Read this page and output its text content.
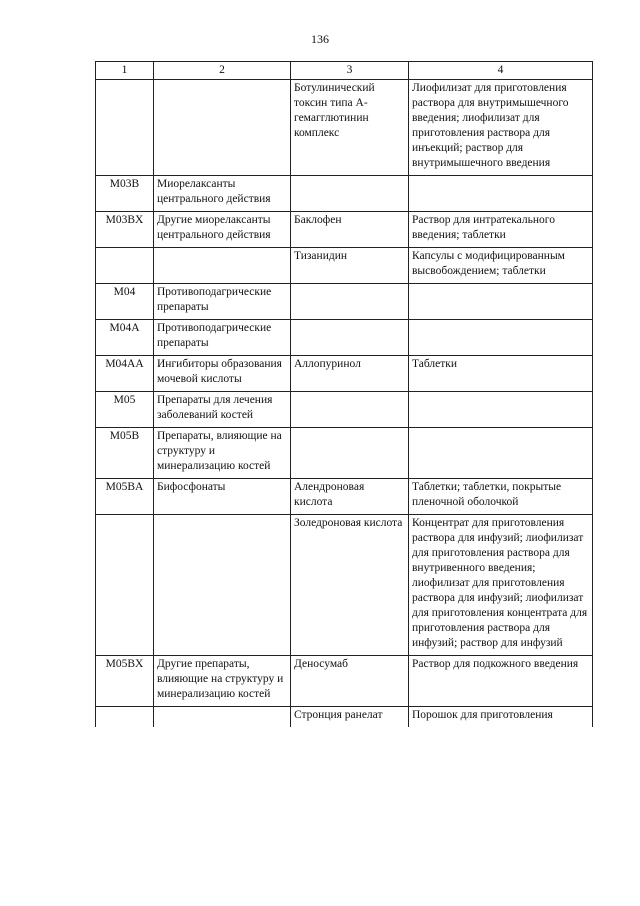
136
1	2	3	4
		Ботулинический токсин типа А-гемагглютинин комплекс	Лиофилизат для приготовления раствора для внутримышечного введения; лиофилизат для приготовления раствора для инъекций; раствор для внутримышечного введения
M03B	Миорелаксанты центрального действия		
M03BX	Другие миорелаксанты центрального действия	Баклофен	Раствор для интратекального введения; таблетки
		Тизанидин	Капсулы с модифицированным высвобождением; таблетки
M04	Противоподагрические препараты		
M04A	Противоподагрические препараты		
M04AA	Ингибиторы образования мочевой кислоты	Аллопуринол	Таблетки
M05	Препараты для лечения заболеваний костей		
M05B	Препараты, влияющие на структуру и минерализацию костей		
M05BA	Бифосфонаты	Алендроновая кислота	Таблетки; таблетки, покрытые пленочной оболочкой
		Золедроновая кислота	Концентрат для приготовления раствора для инфузий; лиофилизат для приготовления раствора для внутривенного введения; лиофилизат для приготовления раствора для инфузий; лиофилизат для приготовления концентрата для приготовления раствора для инфузий; раствор для инфузий
M05BX	Другие препараты, влияющие на структуру и минерализацию костей	Деносумаб	Раствор для подкожного введения
		Стронция ранелат	Порошок для приготовления
